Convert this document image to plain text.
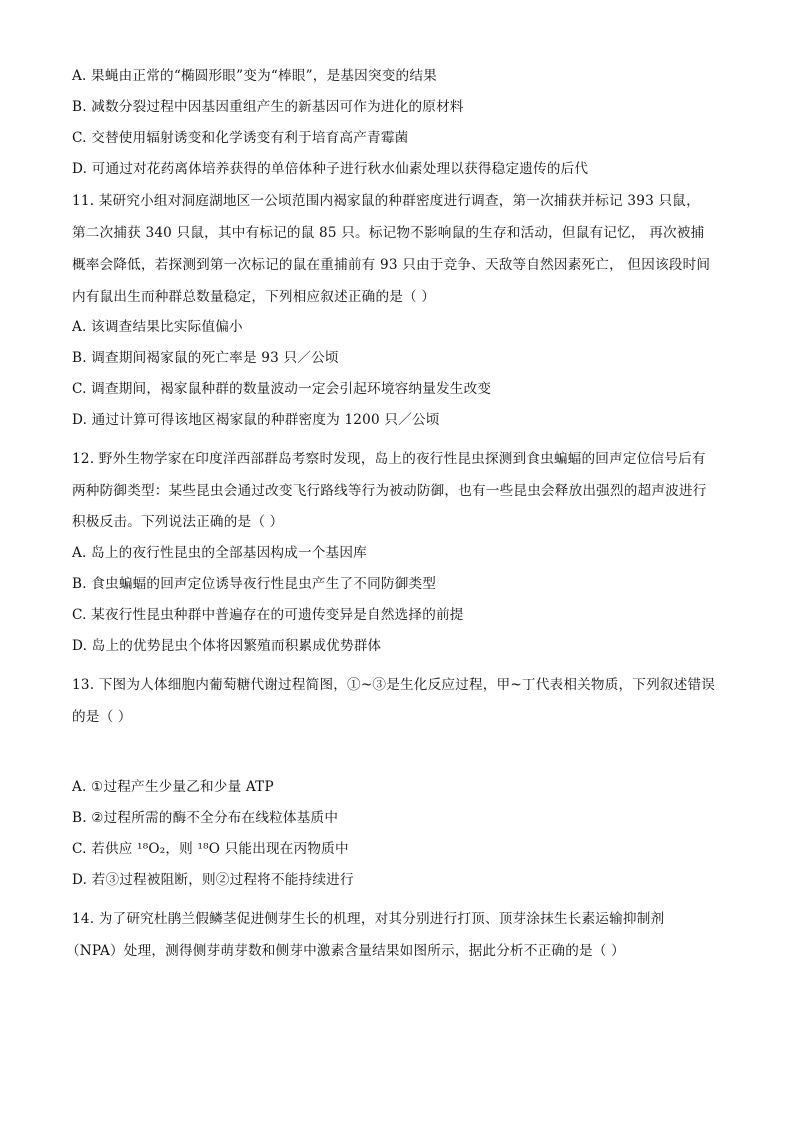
A. 果蝇由正常的“椭圆形眼”变为“棒眼”，是基因突变的结果
B. 减数分裂过程中因基因重组产生的新基因可作为进化的原材料
C. 交替使用辐射诱变和化学诱变有利于培育高产青霉菌
D. 可通过对花药离体培养获得的单倍体种子进行秋水仙素处理以获得稳定遗传的后代
11. 某研究小组对洞庭湖地区一公顷范围内褐家鼠的种群密度进行调查，第一次捕获并标记 393 只鼠，
第二次捕获 340 只鼠，其中有标记的鼠 85 只。标记物不影响鼠的生存和活动，但鼠有记忆， 再次被捕
概率会降低，若探测到第一次标记的鼠在重捕前有 93 只由于竞争、天敌等自然因素死亡， 但因该段时间
内有鼠出生而种群总数量稳定，下列相应叙述正确的是（ ）
A. 该调查结果比实际值偏小
B. 调查期间褐家鼠的死亡率是 93 只／公顷
C. 调查期间，褐家鼠种群的数量波动一定会引起环境容纳量发生改变
D. 通过计算可得该地区褐家鼠的种群密度为 1200 只／公顷
12. 野外生物学家在印度洋西部群岛考察时发现，岛上的夜行性昆虫探测到食虫蝙蝠的回声定位信号后有
两种防御类型：某些昆虫会通过改变飞行路线等行为被动防御，也有一些昆虫会释放出强烈的超声波进行
积极反击。下列说法正确的是（ ）
A. 岛上的夜行性昆虫的全部基因构成一个基因库
B. 食虫蝙蝠的回声定位诱导夜行性昆虫产生了不同防御类型
C. 某夜行性昆虫种群中普遍存在的可遗传变异是自然选择的前提
D. 岛上的优势昆虫个体将因繁殖而积累成优势群体
13. 下图为人体细胞内葡萄糖代谢过程简图，①~③是生化反应过程，甲~丁代表相关物质，下列叙述错误
的是（ ）
A. ①过程产生少量乙和少量 ATP
B. ②过程所需的酶不全分布在线粒体基质中
C. 若供应 ¹⁸O₂，则 ¹⁸O 只能出现在丙物质中
D. 若③过程被阻断，则②过程将不能持续进行
14. 为了研究杜鹃兰假鳞茎促进侧芽生长的机理，对其分别进行打顶、顶芽涂抹生长素运输抑制剂
（NPA）处理，测得侧芽萌芽数和侧芽中激素含量结果如图所示，据此分析不正确的是（ ）
